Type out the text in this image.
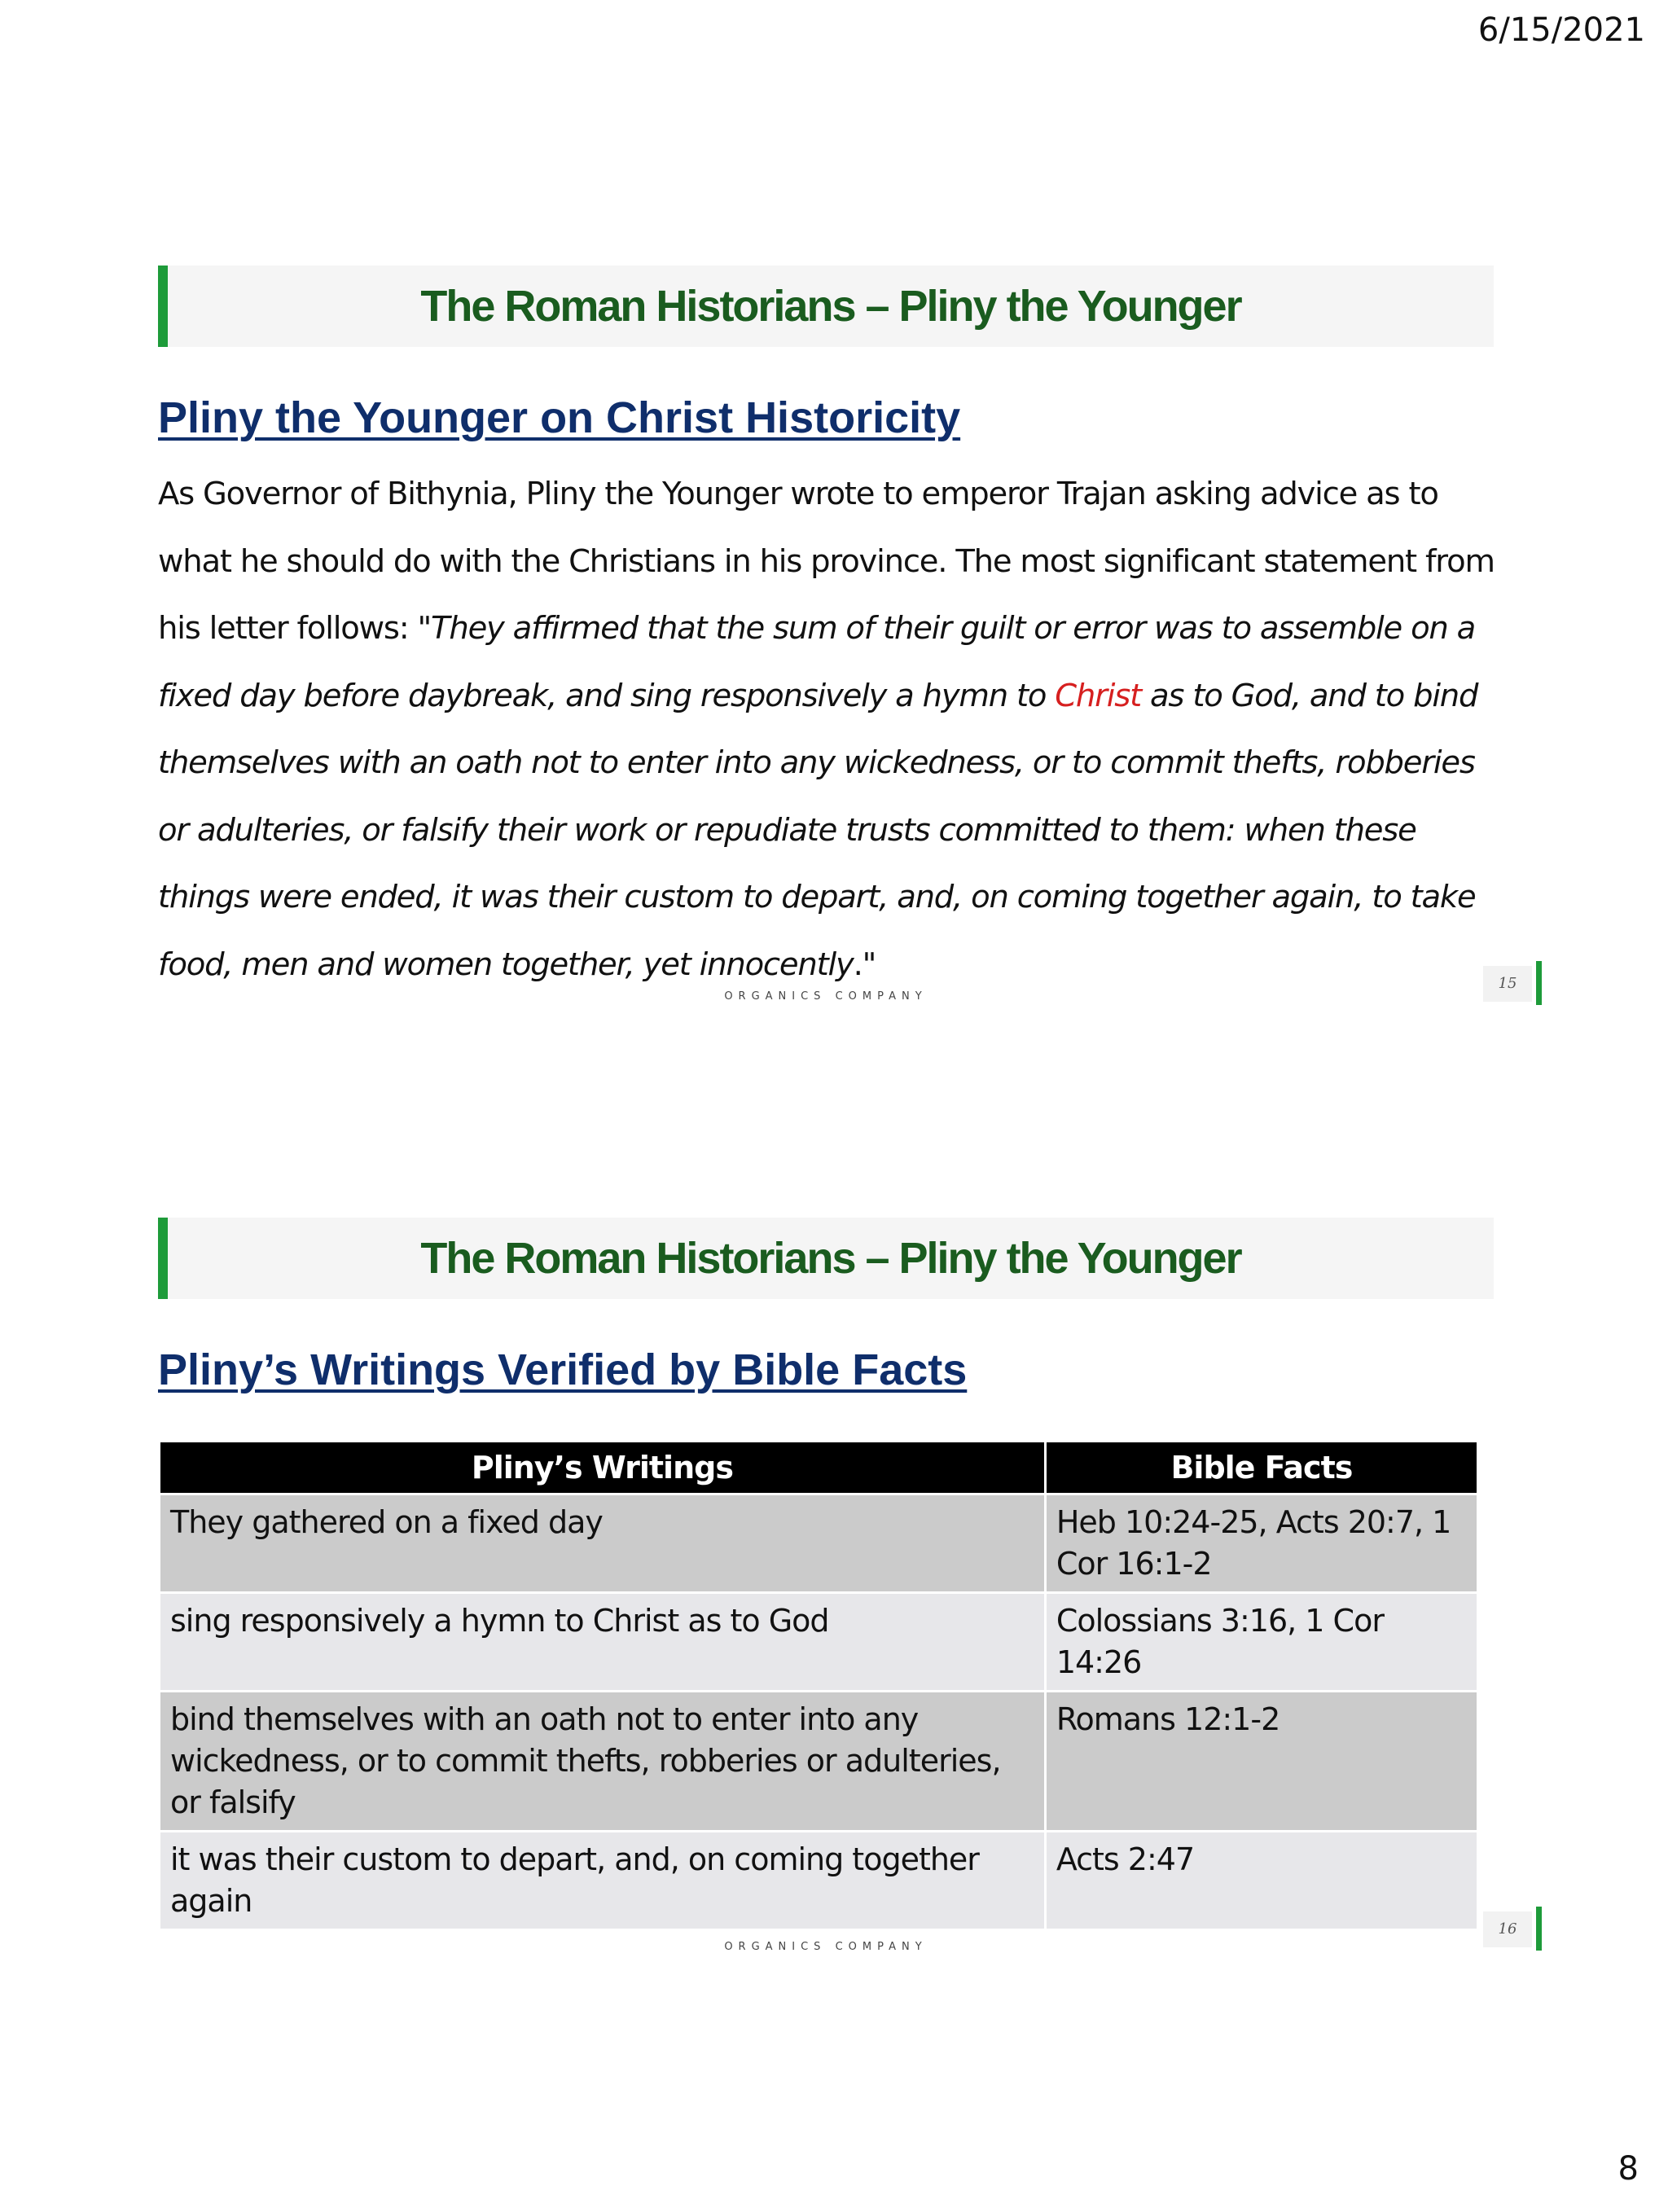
6/15/2021
The Roman Historians – Pliny the Younger
Pliny the Younger on Christ Historicity
As Governor of Bithynia, Pliny the Younger wrote to emperor Trajan asking advice as to what he should do with the Christians in his province. The most significant statement from his letter follows: "They affirmed that the sum of their guilt or error was to assemble on a fixed day before daybreak, and sing responsively a hymn to Christ as to God, and to bind themselves with an oath not to enter into any wickedness, or to commit thefts, robberies or adulteries, or falsify their work or repudiate trusts committed to them: when these things were ended, it was their custom to depart, and, on coming together again, to take food, men and women together, yet innocently."
ORGANICS COMPANY
15
The Roman Historians – Pliny the Younger
Pliny’s Writings Verified by Bible Facts
Pliny’s Writings	Bible Facts
They gathered on a fixed day	Heb 10:24-25, Acts 20:7, 1 Cor 16:1-2
sing responsively a hymn to Christ as to God	Colossians 3:16, 1 Cor 14:26
bind themselves with an oath not to enter into any wickedness, or to commit thefts, robberies or adulteries, or falsify	Romans 12:1-2
it was their custom to depart, and, on coming together again	Acts 2:47
ORGANICS COMPANY
16
8
